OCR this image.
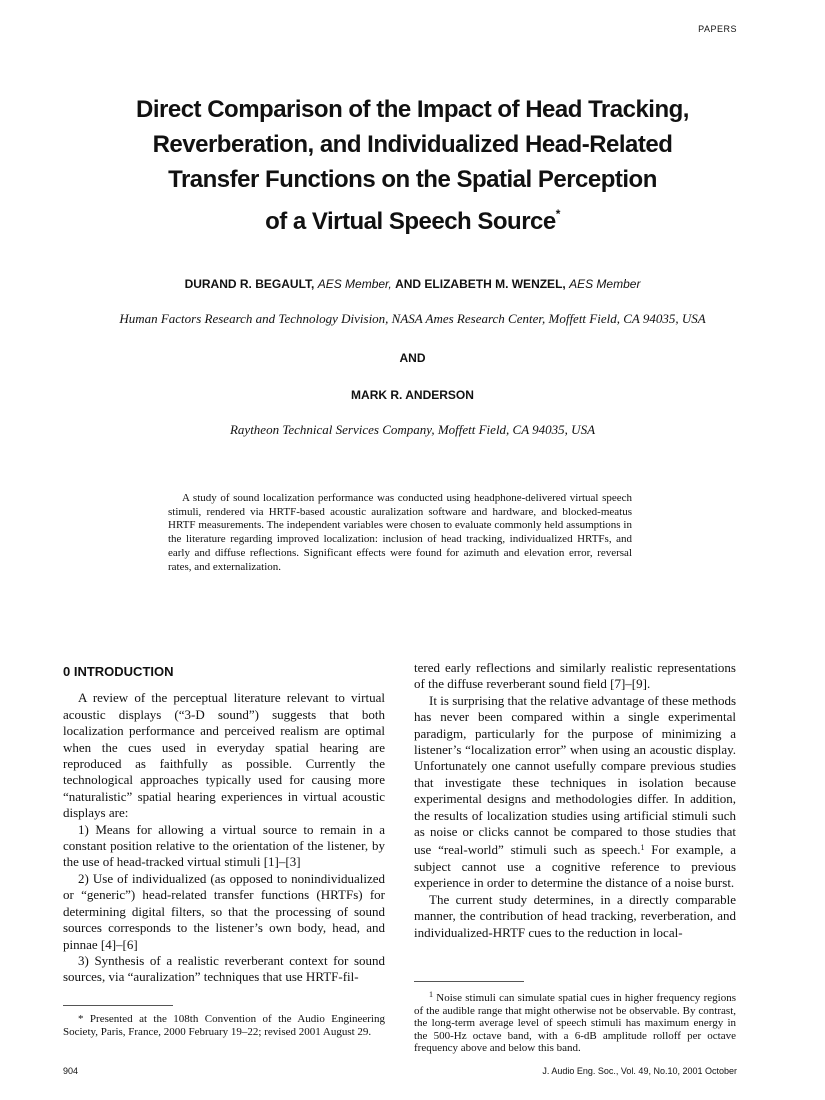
PAPERS
Direct Comparison of the Impact of Head Tracking,
Reverberation, and Individualized Head-Related
Transfer Functions on the Spatial Perception
of a Virtual Speech Source*
DURAND R. BEGAULT, AES Member, AND ELIZABETH M. WENZEL, AES Member
Human Factors Research and Technology Division, NASA Ames Research Center, Moffett Field, CA 94035, USA
AND
MARK R. ANDERSON
Raytheon Technical Services Company, Moffett Field, CA 94035, USA

A study of sound localization performance was conducted using headphone-delivered virtual speech stimuli, rendered via HRTF-based acoustic auralization software and hardware, and blocked-meatus HRTF measurements. The independent variables were chosen to evaluate commonly held assumptions in the literature regarding improved localization: inclusion of head tracking, individualized HRTFs, and early and diffuse reflections. Significant effects were found for azimuth and elevation error, reversal rates, and externalization.

0 INTRODUCTION

A review of the perceptual literature relevant to virtual acoustic displays (“3-D sound”) suggests that both localization performance and perceived realism are optimal when the cues used in everyday spatial hearing are reproduced as faithfully as possible. Currently the technological approaches typically used for causing more “naturalistic” spatial hearing experiences in virtual acoustic displays are:

1) Means for allowing a virtual source to remain in a constant position relative to the orientation of the listener, by the use of head-tracked virtual stimuli [1]–[3]

2) Use of individualized (as opposed to nonindividualized or “generic”) head-related transfer functions (HRTFs) for determining digital filters, so that the processing of sound sources corresponds to the listener’s own body, head, and pinnae [4]–[6]

3) Synthesis of a realistic reverberant context for sound sources, via “auralization” techniques that use HRTF-fil-

tered early reflections and similarly realistic representations of the diffuse reverberant sound field [7]–[9].

It is surprising that the relative advantage of these methods has never been compared within a single experimental paradigm, particularly for the purpose of minimizing a listener’s “localization error” when using an acoustic display. Unfortunately one cannot usefully compare previous studies that investigate these techniques in isolation because experimental designs and methodologies differ. In addition, the results of localization studies using artificial stimuli such as noise or clicks cannot be compared to those studies that use “real-world” stimuli such as speech.$^1$ For example, a subject cannot use a cognitive reference to previous experience in order to determine the distance of a noise burst.

The current study determines, in a directly comparable manner, the contribution of head tracking, reverberation, and individualized-HRTF cues to the reduction in local-

* Presented at the 108th Convention of the Audio Engineering Society, Paris, France, 2000 February 19–22; revised 2001 August 29.

$^1$ Noise stimuli can simulate spatial cues in higher frequency regions of the audible range that might otherwise not be observable. By contrast, the long-term average level of speech stimuli has maximum energy in the 500-Hz octave band, with a 6-dB amplitude rolloff per octave frequency above and below this band.

904	J. Audio Eng. Soc., Vol. 49, No.10, 2001 October
